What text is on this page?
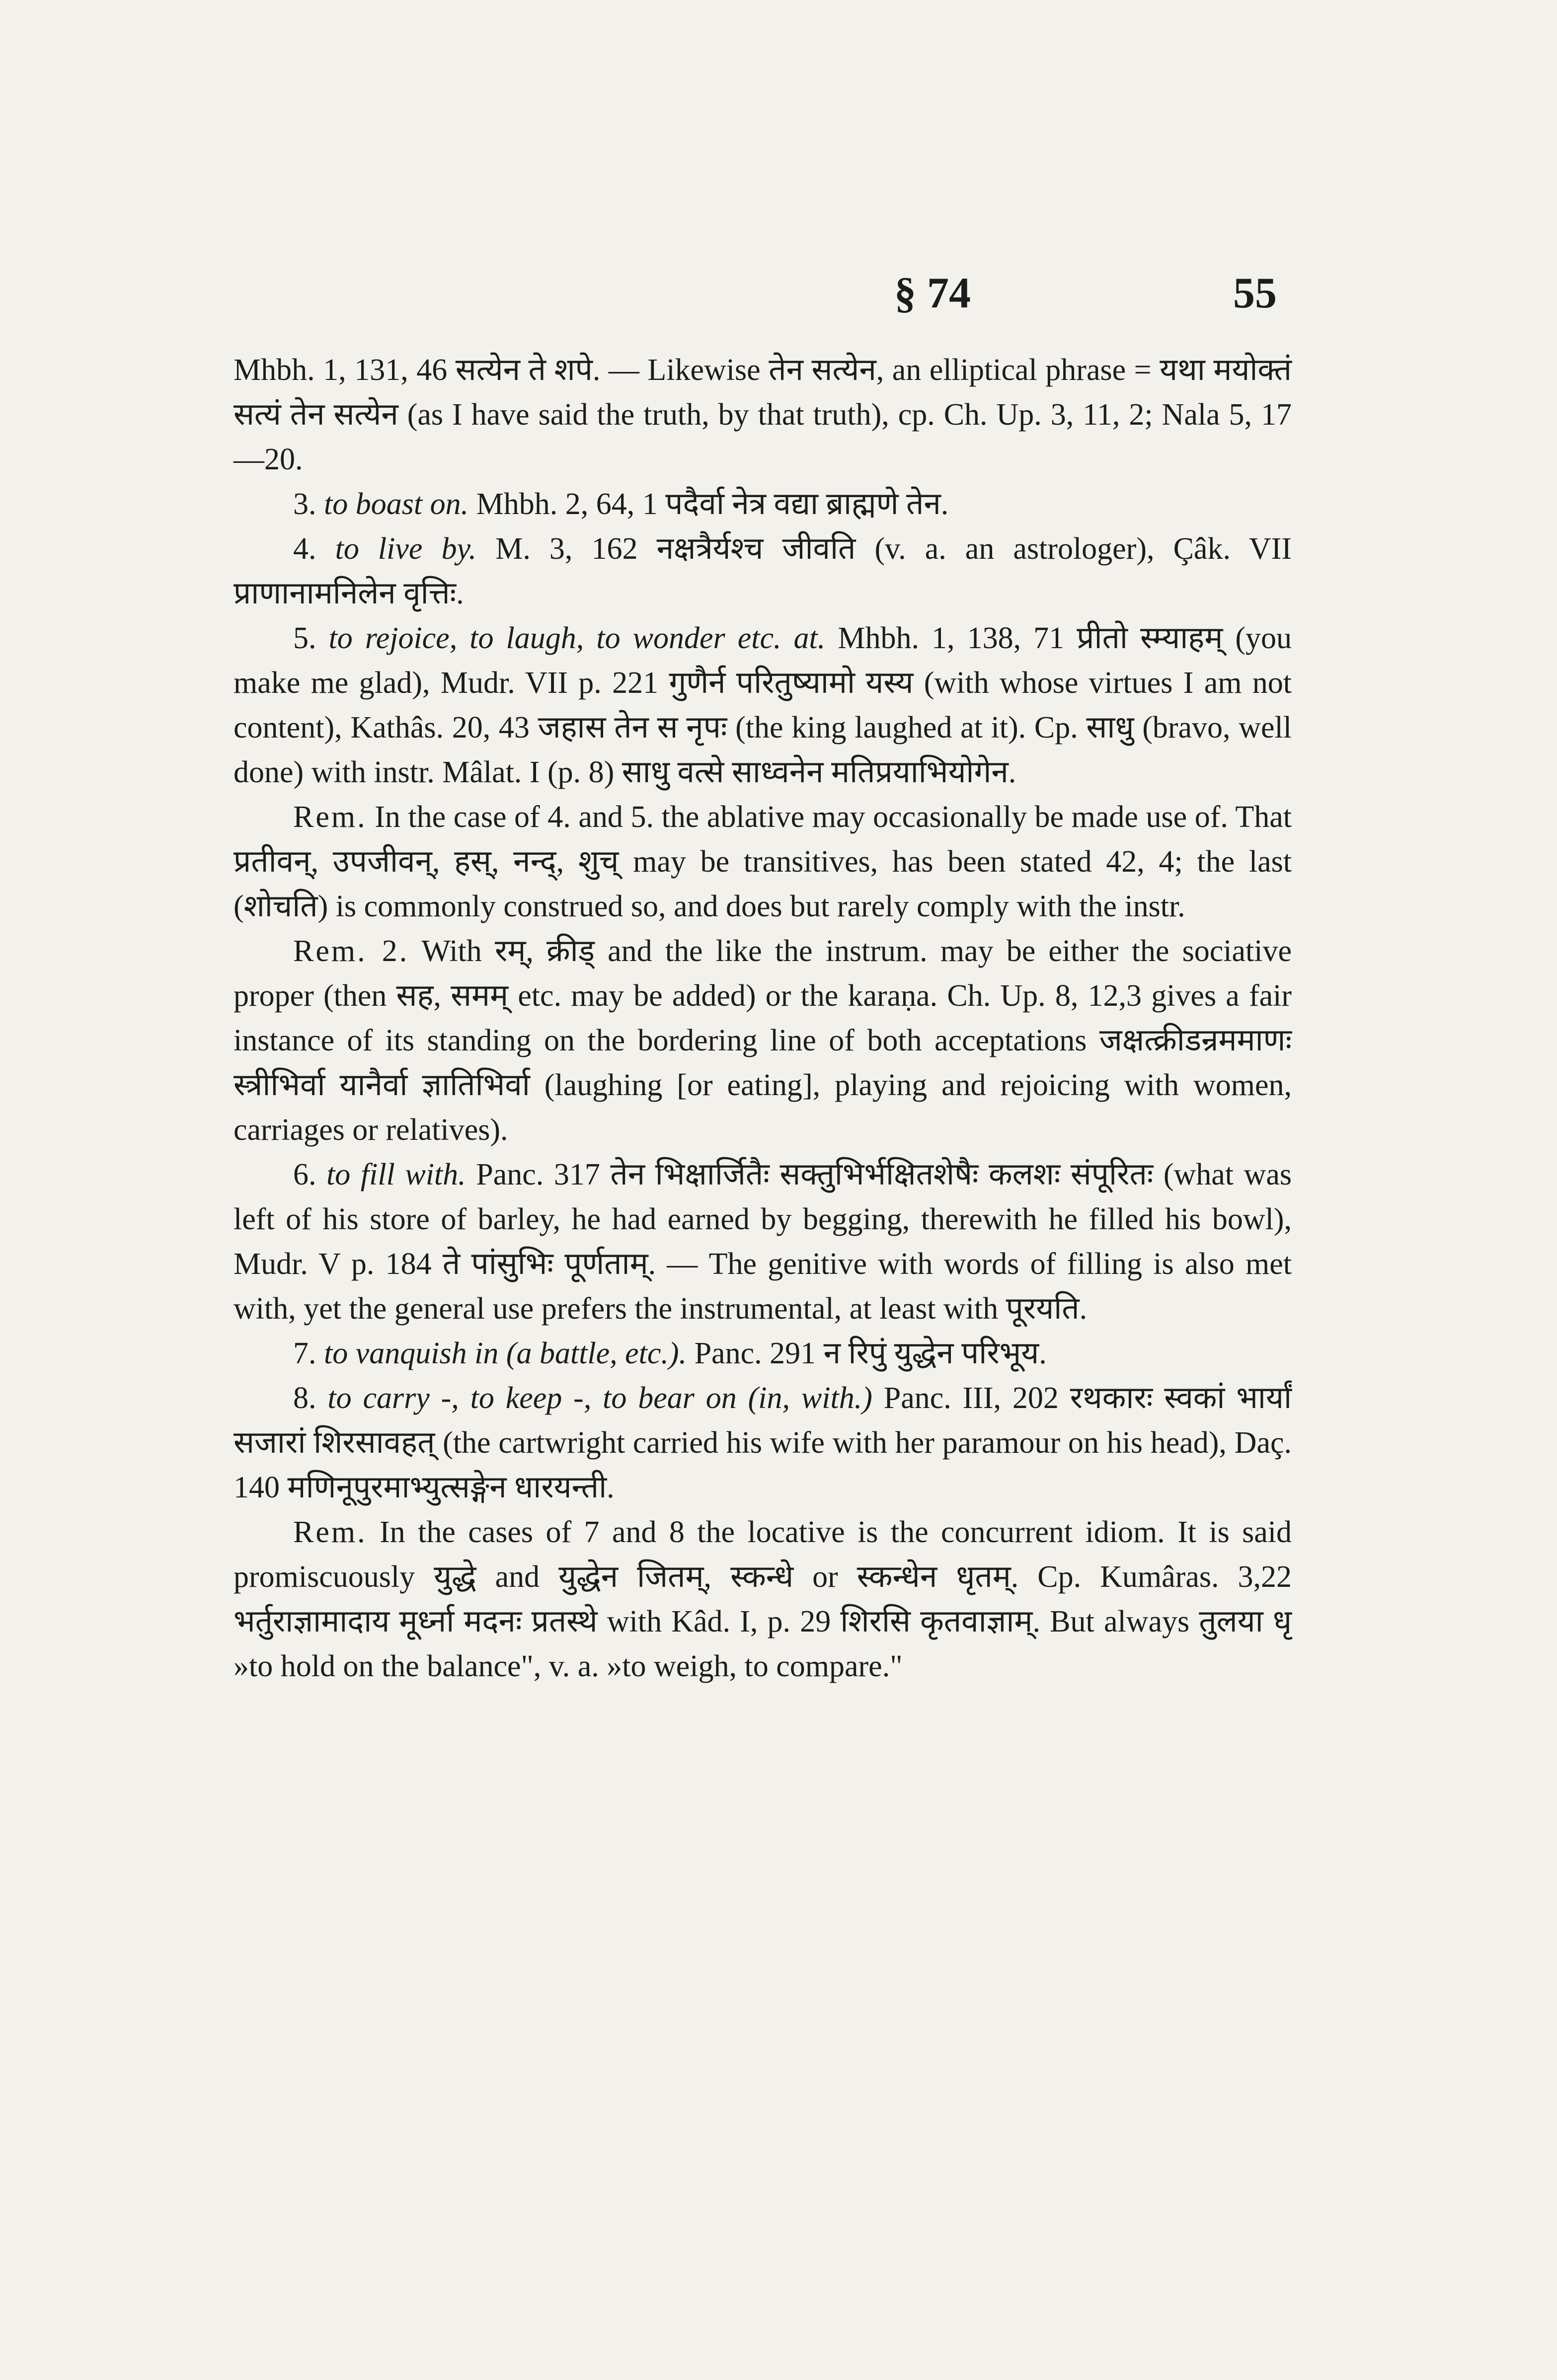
§ 74	55

Mhbh. 1, 131, 46 सत्येन ते शपे. — Likewise तेन सत्येन, an elliptical phrase = यथा मयोक्तं सत्यं तेन सत्येन (as I have said the truth, by that truth), cp. Ch. Up. 3, 11, 2; Nala 5, 17—20.

3. to boast on. Mhbh. 2, 64, 1 पदैर्वा नेत्र वद्या ब्राह्मणे तेन.

4. to live by. M. 3, 162 नक्षत्रैर्यश्च जीवति (v. a. an astrologer), Çâk. VII प्राणानामनिलेन वृत्तिः.

5. to rejoice, to laugh, to wonder etc. at. Mhbh. 1, 138, 71 प्रीतो स्म्याहम् (you make me glad), Mudr. VII p. 221 गुणैर्न परितुष्यामो यस्य (with whose virtues I am not content), Kathâs. 20, 43 जहास तेन स नृपः (the king laughed at it). Cp. साधु (bravo, well done) with instr. Mâlat. I (p. 8) साधु वत्से साध्वनेन मतिप्रयाभियोगेन.

Rem. In the case of 4. and 5. the ablative may occasionally be made use of. That प्रतीवन्, उपजीवन्, हस्, नन्द्, शुच् may be transitives, has been stated 42, 4; the last (शोचति) is commonly construed so, and does but rarely comply with the instr.

Rem. 2. With रम्, क्रीड् and the like the instrum. may be either the sociative proper (then सह, समम् etc. may be added) or the karaṇa. Ch. Up. 8, 12,3 gives a fair instance of its standing on the bordering line of both acceptations जक्षत्क्रीडन्रममाणः स्त्रीभिर्वा यानैर्वा ज्ञातिभिर्वा (laughing [or eating], playing and rejoicing with women, carriages or relatives).

6. to fill with. Panc. 317 तेन भिक्षार्जितैः सक्तुभिर्भक्षितशेषैः कलशः संपूरितः (what was left of his store of barley, he had earned by begging, therewith he filled his bowl), Mudr. V p. 184 ते पांसुभिः पूर्णताम्. — The genitive with words of filling is also met with, yet the general use prefers the instrumental, at least with पूरयति.

7. to vanquish in (a battle, etc.). Panc. 291 न रिपुं युद्धेन परिभूय.

8. to carry -, to keep -, to bear on (in, with.) Panc. III, 202 रथकारः स्वकां भार्यां सजारां शिरसावहत् (the cartwright carried his wife with her paramour on his head), Daç. 140 मणिनूपुरमाभ्युत्सङ्गेन धारयन्ती.

Rem. In the cases of 7 and 8 the locative is the concurrent idiom. It is said promiscuously युद्धे and युद्धेन जितम्, स्कन्धे or स्कन्धेन धृतम्. Cp. Kumâras. 3,22 भर्तुराज्ञामादाय मूर्ध्ना मदनः प्रतस्थे with Kâd. I, p. 29 शिरसि कृतवाज्ञाम्. But always तुलया धृ »to hold on the balance", v. a. »to weigh, to compare."
